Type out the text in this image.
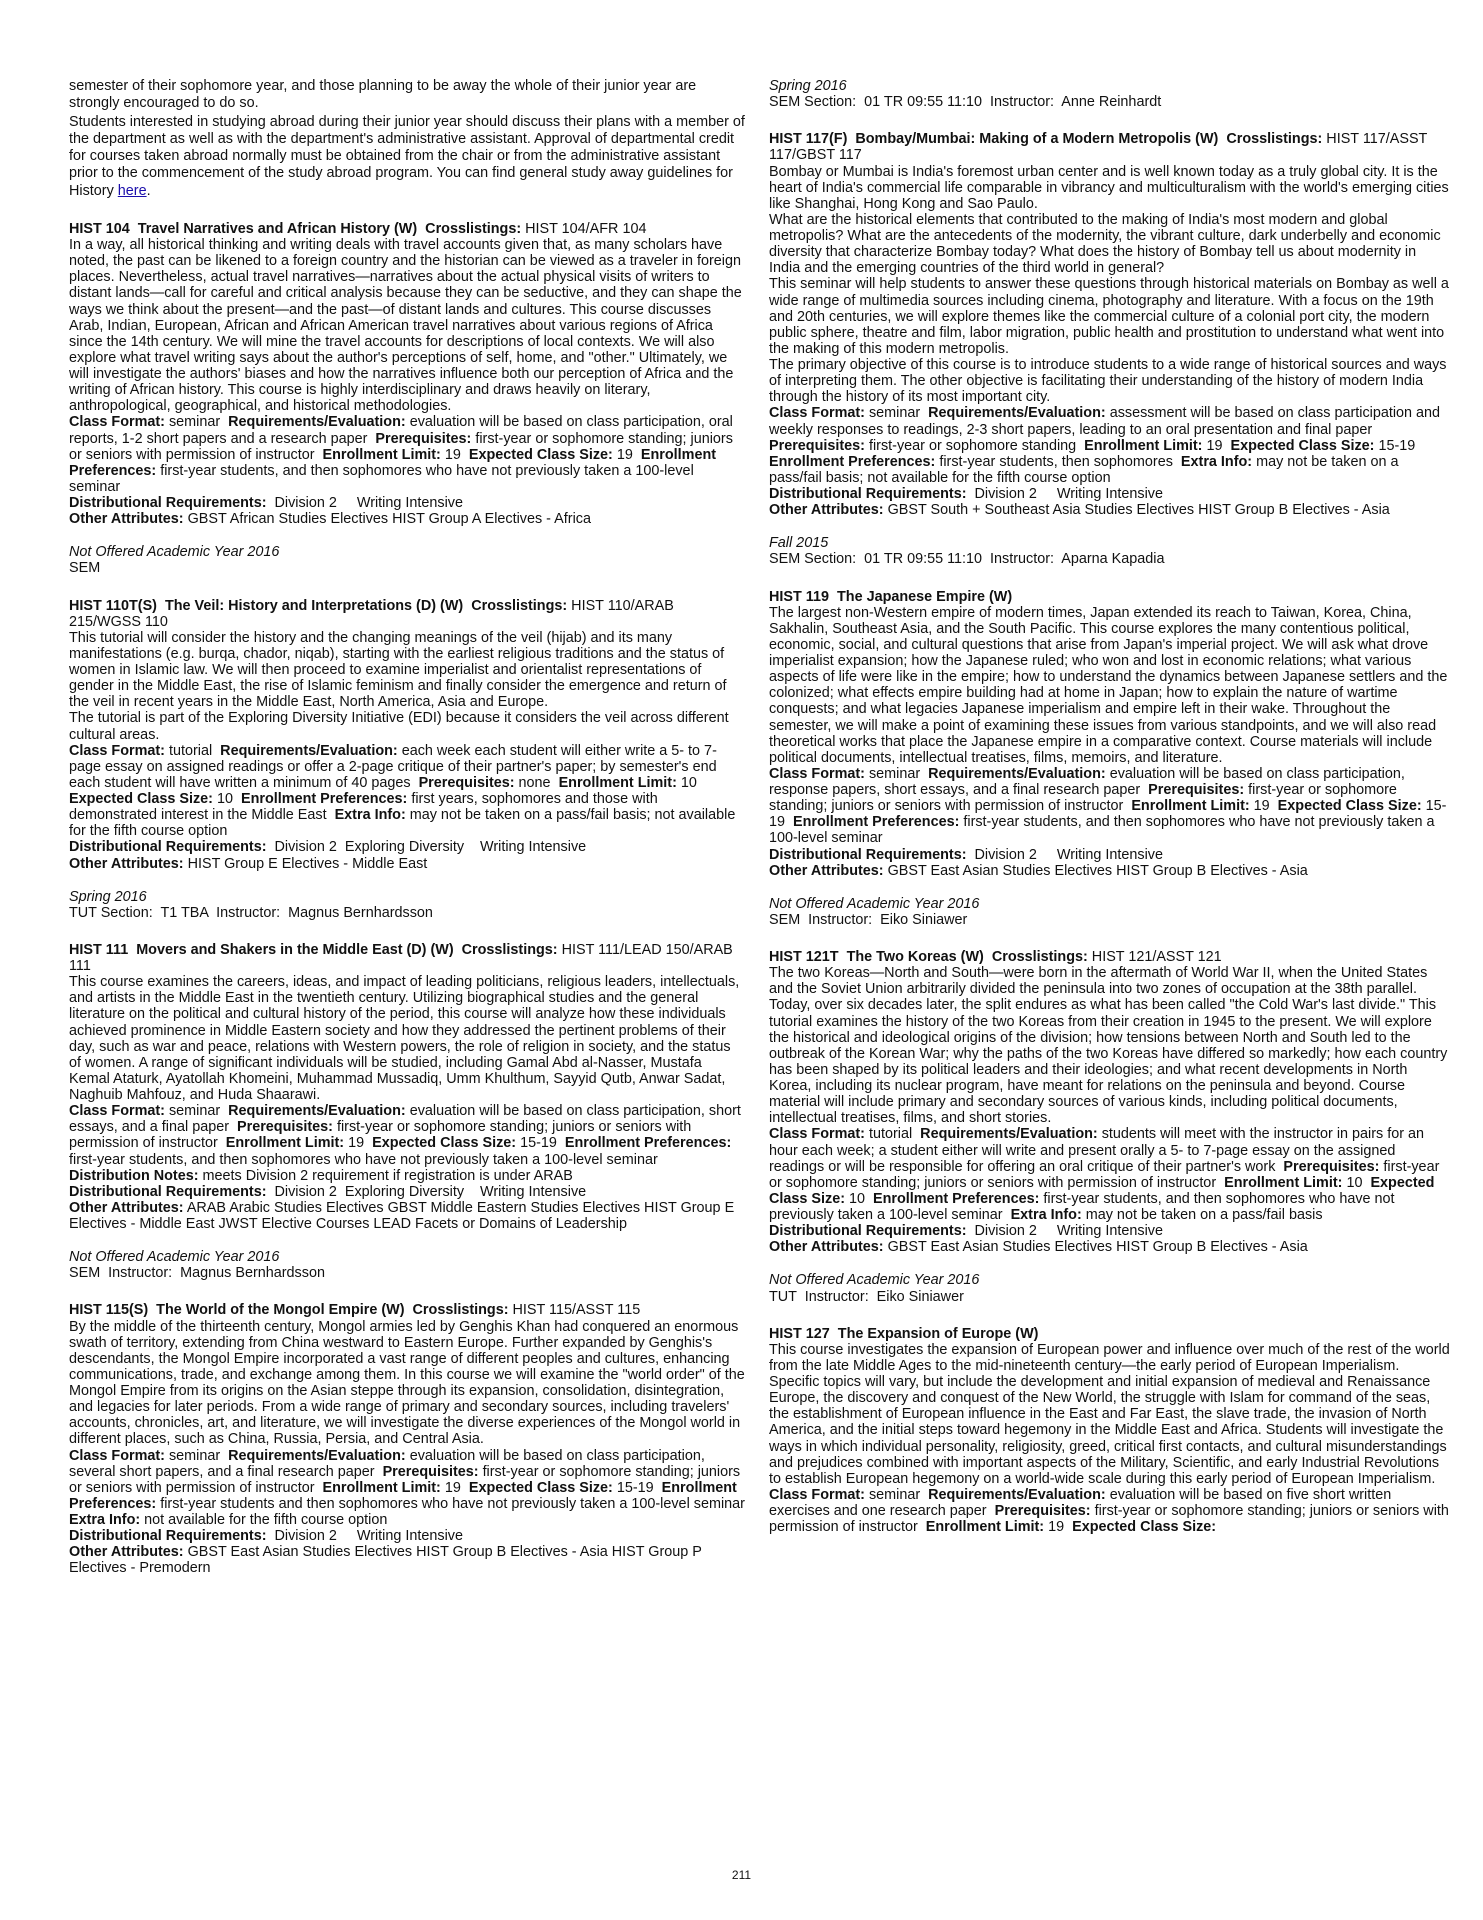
semester of their sophomore year, and those planning to be away the whole of their junior year are strongly encouraged to do so.

Students interested in studying abroad during their junior year should discuss their plans with a member of the department as well as with the department's administrative assistant. Approval of departmental credit for courses taken abroad normally must be obtained from the chair or from the administrative assistant prior to the commencement of the study abroad program. You can find general study away guidelines for History here.

HIST 104  Travel Narratives and African History (W) Crosslistings: HIST 104/AFR 104

In a way, all historical thinking and writing deals with travel accounts given that, as many scholars have noted, the past can be likened to a foreign country and the historian can be viewed as a traveler in foreign places. Nevertheless, actual travel narratives—narratives about the actual physical visits of writers to distant lands—call for careful and critical analysis because they can be seductive, and they can shape the ways we think about the present—and the past—of distant lands and cultures. This course discusses Arab, Indian, European, African and African American travel narratives about various regions of Africa since the 14th century. We will mine the travel accounts for descriptions of local contexts. We will also explore what travel writing says about the author's perceptions of self, home, and "other." Ultimately, we will investigate the authors' biases and how the narratives influence both our perception of Africa and the writing of African history. This course is highly interdisciplinary and draws heavily on literary, anthropological, geographical, and historical methodologies.

Class Format: seminar Requirements/Evaluation: evaluation will be based on class participation, oral reports, 1-2 short papers and a research paper Prerequisites: first-year or sophomore standing; juniors or seniors with permission of instructor Enrollment Limit: 19 Expected Class Size: 19 Enrollment Preferences: first-year students, and then sophomores who have not previously taken a 100-level seminar

Distributional Requirements: Division 2     Writing Intensive
Other Attributes: GBST African Studies Electives HIST Group A Electives - Africa
Not Offered Academic Year 2016
SEM
HIST 110T(S)  The Veil: History and Interpretations (D) (W) Crosslistings: HIST 110/ARAB 215/WGSS 110

This tutorial will consider the history and the changing meanings of the veil (hijab) and its many manifestations (e.g. burqa, chador, niqab), starting with the earliest religious traditions and the status of women in Islamic law. We will then proceed to examine imperialist and orientalist representations of gender in the Middle East, the rise of Islamic feminism and finally consider the emergence and return of the veil in recent years in the Middle East, North America, Asia and Europe.

The tutorial is part of the Exploring Diversity Initiative (EDI) because it considers the veil across different cultural areas.

Class Format: tutorial Requirements/Evaluation: each week each student will either write a 5- to 7-page essay on assigned readings or offer a 2-page critique of their partner's paper; by semester's end each student will have written a minimum of 40 pages Prerequisites: none Enrollment Limit: 10  Expected Class Size: 10 Enrollment Preferences: first years, sophomores and those with demonstrated interest in the Middle East Extra Info: may not be taken on a pass/fail basis; not available for the fifth course option

Distributional Requirements: Division 2  Exploring Diversity    Writing Intensive
Other Attributes: HIST Group E Electives - Middle East
Spring 2016
TUT Section:  T1 TBA  Instructor:  Magnus Bernhardsson
HIST 111  Movers and Shakers in the Middle East (D) (W) Crosslistings: HIST 111/LEAD 150/ARAB 111

This course examines the careers, ideas, and impact of leading politicians, religious leaders, intellectuals, and artists in the Middle East in the twentieth century. Utilizing biographical studies and the general literature on the political and cultural history of the period, this course will analyze how these individuals achieved prominence in Middle Eastern society and how they addressed the pertinent problems of their day, such as war and peace, relations with Western powers, the role of religion in society, and the status of women. A range of significant individuals will be studied, including Gamal Abd al-Nasser, Mustafa Kemal Ataturk, Ayatollah Khomeini, Muhammad Mussadiq, Umm Khulthum, Sayyid Qutb, Anwar Sadat, Naghuib Mahfouz, and Huda Shaarawi.

Class Format: seminar Requirements/Evaluation: evaluation will be based on class participation, short essays, and a final paper Prerequisites: first-year or sophomore standing; juniors or seniors with permission of instructor Enrollment Limit: 19 Expected Class Size: 15-19 Enrollment Preferences: first-year students, and then sophomores who have not previously taken a 100-level seminar  Distribution Notes: meets Division 2 requirement if registration is under ARAB

Distributional Requirements: Division 2  Exploring Diversity    Writing Intensive
Other Attributes: ARAB Arabic Studies Electives GBST Middle Eastern Studies Electives HIST Group E Electives - Middle East JWST Elective Courses LEAD Facets or Domains of Leadership
Not Offered Academic Year 2016
SEM  Instructor:  Magnus Bernhardsson
HIST 115(S)  The World of the Mongol Empire (W) Crosslistings: HIST 115/ASST 115

By the middle of the thirteenth century, Mongol armies led by Genghis Khan had conquered an enormous swath of territory, extending from China westward to Eastern Europe. Further expanded by Genghis's descendants, the Mongol Empire incorporated a vast range of different peoples and cultures, enhancing communications, trade, and exchange among them. In this course we will examine the "world order" of the Mongol Empire from its origins on the Asian steppe through its expansion, consolidation, disintegration, and legacies for later periods. From a wide range of primary and secondary sources, including travelers' accounts, chronicles, art, and literature, we will investigate the diverse experiences of the Mongol world in different places, such as China, Russia, Persia, and Central Asia.

Class Format: seminar Requirements/Evaluation: evaluation will be based on class participation, several short papers, and a final research paper Prerequisites: first-year or sophomore standing; juniors or seniors with permission of instructor Enrollment Limit: 19 Expected Class Size: 15-19 Enrollment Preferences: first-year students and then sophomores who have not previously taken a 100-level seminar  Extra Info: not available for the fifth course option

Distributional Requirements: Division 2     Writing Intensive
Other Attributes: GBST East Asian Studies Electives HIST Group B Electives - Asia HIST Group P Electives - Premodern
Spring 2016
SEM Section:  01 TR 09:55 11:10  Instructor:  Anne Reinhardt
HIST 117(F)  Bombay/Mumbai: Making of a Modern Metropolis (W) Crosslistings: HIST 117/ASST 117/GBST 117

Bombay or Mumbai is India's foremost urban center and is well known today as a truly global city. It is the heart of India's commercial life comparable in vibrancy and multiculturalism with the world's emerging cities like Shanghai, Hong Kong and Sao Paulo.

What are the historical elements that contributed to the making of India's most modern and global metropolis? What are the antecedents of the modernity, the vibrant culture, dark underbelly and economic diversity that characterize Bombay today? What does the history of Bombay tell us about modernity in India and the emerging countries of the third world in general?

This seminar will help students to answer these questions through historical materials on Bombay as well a wide range of multimedia sources including cinema, photography and literature. With a focus on the 19th and 20th centuries, we will explore themes like the commercial culture of a colonial port city, the modern public sphere, theatre and film, labor migration, public health and prostitution to understand what went into the making of this modern metropolis.

The primary objective of this course is to introduce students to a wide range of historical sources and ways of interpreting them. The other objective is facilitating their understanding of the history of modern India through the history of its most important city.

Class Format: seminar Requirements/Evaluation: assessment will be based on class participation and weekly responses to readings, 2-3 short papers, leading to an oral presentation and final paper  Prerequisites: first-year or sophomore standing Enrollment Limit: 19 Expected Class Size: 15-19  Enrollment Preferences: first-year students, then sophomores Extra Info: may not be taken on a pass/fail basis; not available for the fifth course option

Distributional Requirements: Division 2     Writing Intensive
Other Attributes: GBST South + Southeast Asia Studies Electives HIST Group B Electives - Asia
Fall 2015
SEM Section:  01 TR 09:55 11:10  Instructor:  Aparna Kapadia
HIST 119  The Japanese Empire (W)

The largest non-Western empire of modern times, Japan extended its reach to Taiwan, Korea, China, Sakhalin, Southeast Asia, and the South Pacific. This course explores the many contentious political, economic, social, and cultural questions that arise from Japan's imperial project. We will ask what drove imperialist expansion; how the Japanese ruled; who won and lost in economic relations; what various aspects of life were like in the empire; how to understand the dynamics between Japanese settlers and the colonized; what effects empire building had at home in Japan; how to explain the nature of wartime conquests; and what legacies Japanese imperialism and empire left in their wake. Throughout the semester, we will make a point of examining these issues from various standpoints, and we will also read theoretical works that place the Japanese empire in a comparative context. Course materials will include political documents, intellectual treatises, films, memoirs, and literature.

Class Format: seminar Requirements/Evaluation: evaluation will be based on class participation, response papers, short essays, and a final research paper Prerequisites: first-year or sophomore standing; juniors or seniors with permission of instructor Enrollment Limit: 19 Expected Class Size: 15-19 Enrollment Preferences: first-year students, and then sophomores who have not previously taken a 100-level seminar

Distributional Requirements: Division 2     Writing Intensive
Other Attributes: GBST East Asian Studies Electives HIST Group B Electives - Asia
Not Offered Academic Year 2016
SEM  Instructor:  Eiko Siniawer
HIST 121T  The Two Koreas (W) Crosslistings: HIST 121/ASST 121

The two Koreas—North and South—were born in the aftermath of World War II, when the United States and the Soviet Union arbitrarily divided the peninsula into two zones of occupation at the 38th parallel. Today, over six decades later, the split endures as what has been called "the Cold War's last divide." This tutorial examines the history of the two Koreas from their creation in 1945 to the present. We will explore the historical and ideological origins of the division; how tensions between North and South led to the outbreak of the Korean War; why the paths of the two Koreas have differed so markedly; how each country has been shaped by its political leaders and their ideologies; and what recent developments in North Korea, including its nuclear program, have meant for relations on the peninsula and beyond. Course material will include primary and secondary sources of various kinds, including political documents, intellectual treatises, films, and short stories.

Class Format: tutorial Requirements/Evaluation: students will meet with the instructor in pairs for an hour each week; a student either will write and present orally a 5- to 7-page essay on the assigned readings or will be responsible for offering an oral critique of their partner's work Prerequisites: first-year or sophomore standing; juniors or seniors with permission of instructor Enrollment Limit: 10 Expected Class Size: 10 Enrollment Preferences: first-year students, and then sophomores who have not previously taken a 100-level seminar Extra Info: may not be taken on a pass/fail basis

Distributional Requirements: Division 2     Writing Intensive
Other Attributes: GBST East Asian Studies Electives HIST Group B Electives - Asia
Not Offered Academic Year 2016
TUT  Instructor:  Eiko Siniawer
HIST 127  The Expansion of Europe (W)

This course investigates the expansion of European power and influence over much of the rest of the world from the late Middle Ages to the mid-nineteenth century—the early period of European Imperialism. Specific topics will vary, but include the development and initial expansion of medieval and Renaissance Europe, the discovery and conquest of the New World, the struggle with Islam for command of the seas, the establishment of European influence in the East and Far East, the slave trade, the invasion of North America, and the initial steps toward hegemony in the Middle East and Africa. Students will investigate the ways in which individual personality, religiosity, greed, critical first contacts, and cultural misunderstandings and prejudices combined with important aspects of the Military, Scientific, and early Industrial Revolutions to establish European hegemony on a world-wide scale during this early period of European Imperialism.

Class Format: seminar Requirements/Evaluation: evaluation will be based on five short written exercises and one research paper Prerequisites: first-year or sophomore standing; juniors or seniors with permission of instructor Enrollment Limit: 19 Expected Class Size:

211
